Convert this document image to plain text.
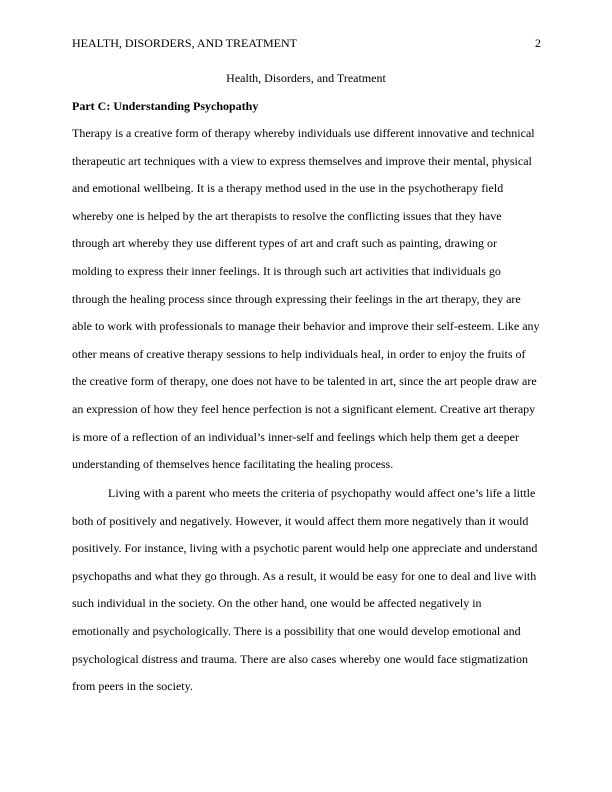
HEALTH, DISORDERS, AND TREATMENT	2
Health, Disorders, and Treatment
Part C: Understanding Psychopathy
Therapy is a creative form of therapy whereby individuals use different innovative and technical
therapeutic art techniques with a view to express themselves and improve their mental, physical
and emotional wellbeing. It is a therapy method used in the use in the psychotherapy field
whereby one is helped by the art therapists to resolve the conflicting issues that they have
through art whereby they use different types of art and craft such as painting, drawing or
molding to express their inner feelings. It is through such art activities that individuals go
through the healing process since through expressing their feelings in the art therapy, they are
able to work with professionals to manage their behavior and improve their self-esteem. Like any
other means of creative therapy sessions to help individuals heal, in order to enjoy the fruits of
the creative form of therapy, one does not have to be talented in art, since the art people draw are
an expression of how they feel hence perfection is not a significant element. Creative art therapy
is more of a reflection of an individual’s inner-self and feelings which help them get a deeper
understanding of themselves hence facilitating the healing process.
Living with a parent who meets the criteria of psychopathy would affect one’s life a little
both of positively and negatively. However, it would affect them more negatively than it would
positively. For instance, living with a psychotic parent would help one appreciate and understand
psychopaths and what they go through. As a result, it would be easy for one to deal and live with
such individual in the society. On the other hand, one would be affected negatively in
emotionally and psychologically. There is a possibility that one would develop emotional and
psychological distress and trauma. There are also cases whereby one would face stigmatization
from peers in the society.
